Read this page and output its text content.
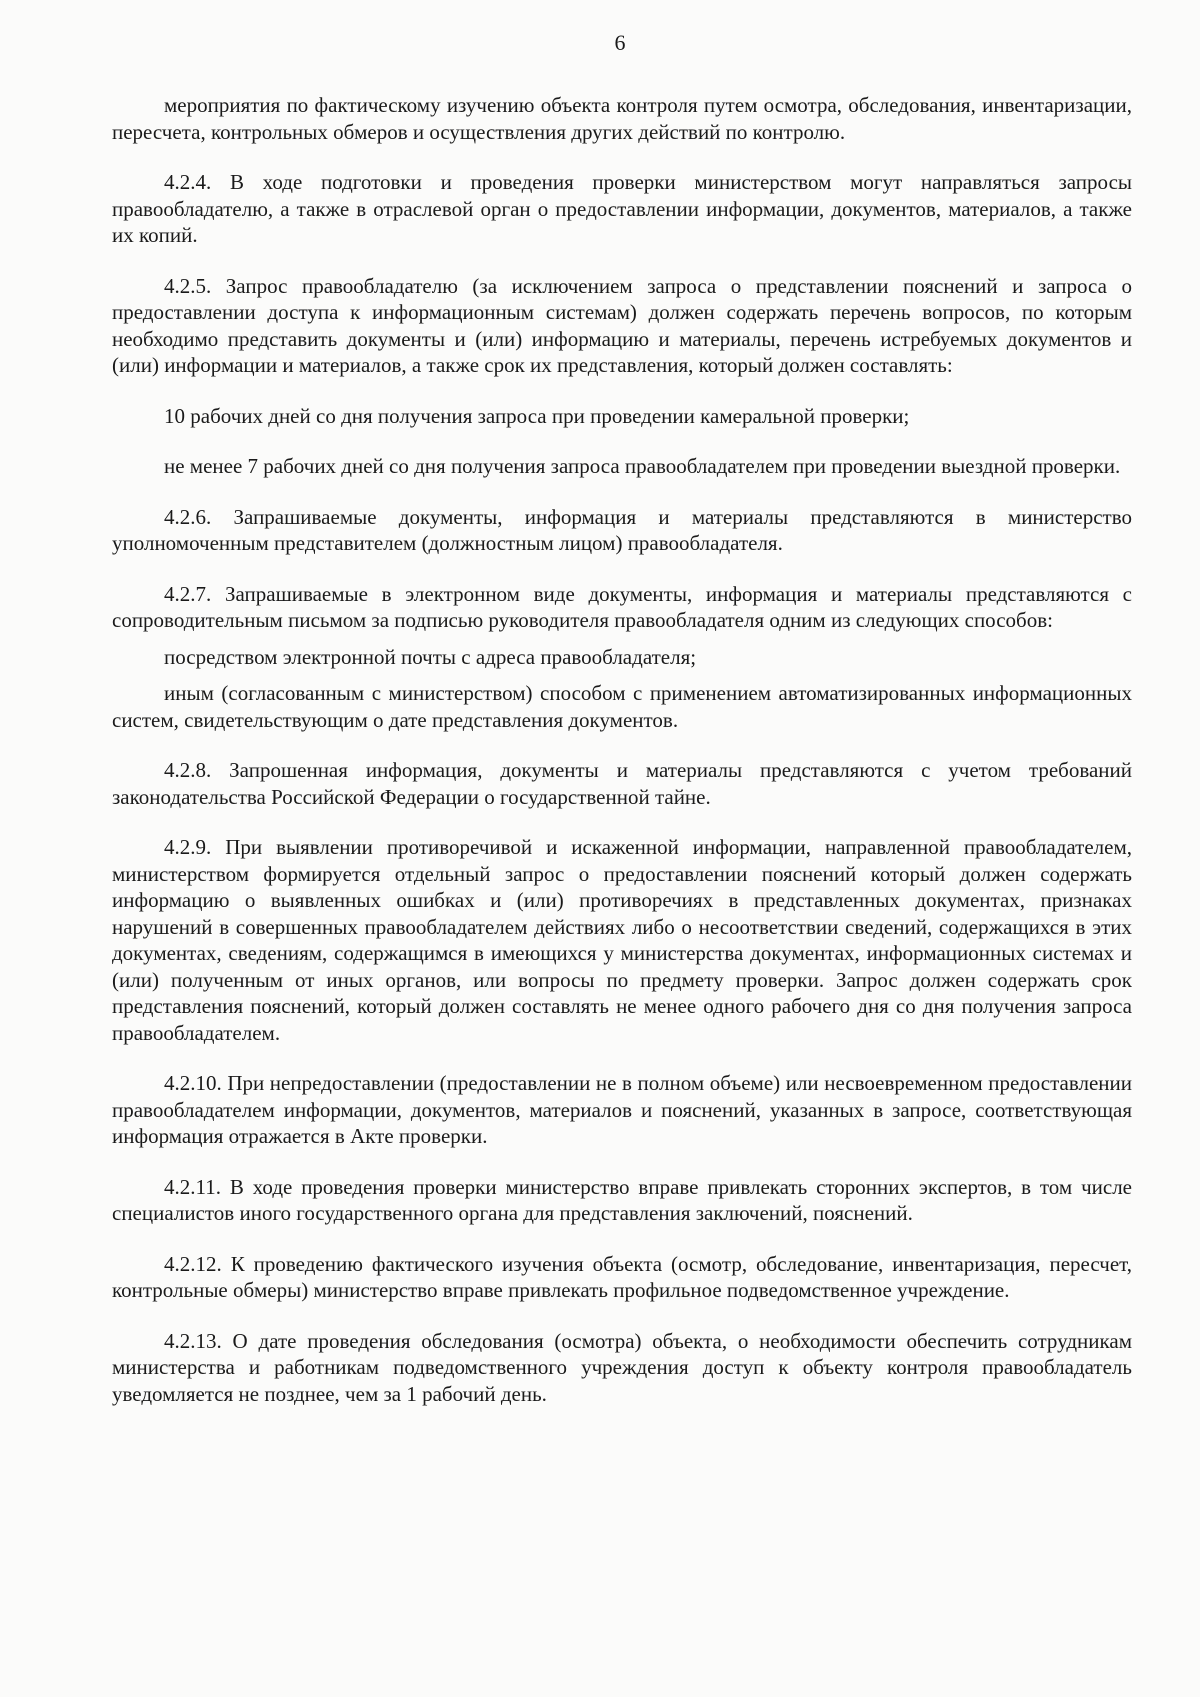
6

мероприятия по фактическому изучению объекта контроля путем осмотра, обследования, инвентаризации, пересчета, контрольных обмеров и осуществления других действий по контролю.

4.2.4. В ходе подготовки и проведения проверки министерством могут направляться запросы правообладателю, а также в отраслевой орган о предоставлении информации, документов, материалов, а также их копий.

4.2.5. Запрос правообладателю (за исключением запроса о представлении пояснений и запроса о предоставлении доступа к информационным системам) должен содержать перечень вопросов, по которым необходимо представить документы и (или) информацию и материалы, перечень истребуемых документов и (или) информации и материалов, а также срок их представления, который должен составлять:

10 рабочих дней со дня получения запроса при проведении камеральной проверки;

не менее 7 рабочих дней со дня получения запроса правообладателем при проведении выездной проверки.

4.2.6. Запрашиваемые документы, информация и материалы представляются в министерство уполномоченным представителем (должностным лицом) правообладателя.

4.2.7. Запрашиваемые в электронном виде документы, информация и материалы представляются с сопроводительным письмом за подписью руководителя правообладателя одним из следующих способов:

посредством электронной почты с адреса правообладателя;

иным (согласованным с министерством) способом с применением автоматизированных информационных систем, свидетельствующим о дате представления документов.

4.2.8. Запрошенная информация, документы и материалы представляются с учетом требований законодательства Российской Федерации о государственной тайне.

4.2.9. При выявлении противоречивой и искаженной информации, направленной правообладателем, министерством формируется отдельный запрос о предоставлении пояснений который должен содержать информацию о выявленных ошибках и (или) противоречиях в представленных документах, признаках нарушений в совершенных правообладателем действиях либо о несоответствии сведений, содержащихся в этих документах, сведениям, содержащимся в имеющихся у министерства документах, информационных системах и (или) полученным от иных органов, или вопросы по предмету проверки. Запрос должен содержать срок представления пояснений, который должен составлять не менее одного рабочего дня со дня получения запроса правообладателем.

4.2.10. При непредоставлении (предоставлении не в полном объеме) или несвоевременном предоставлении правообладателем информации, документов, материалов и пояснений, указанных в запросе, соответствующая информация отражается в Акте проверки.

4.2.11. В ходе проведения проверки министерство вправе привлекать сторонних экспертов, в том числе специалистов иного государственного органа для представления заключений, пояснений.

4.2.12. К проведению фактического изучения объекта (осмотр, обследование, инвентаризация, пересчет, контрольные обмеры) министерство вправе привлекать профильное подведомственное учреждение.

4.2.13. О дате проведения обследования (осмотра) объекта, о необходимости обеспечить сотрудникам министерства и работникам подведомственного учреждения доступ к объекту контроля правообладатель уведомляется не позднее, чем за 1 рабочий день.
